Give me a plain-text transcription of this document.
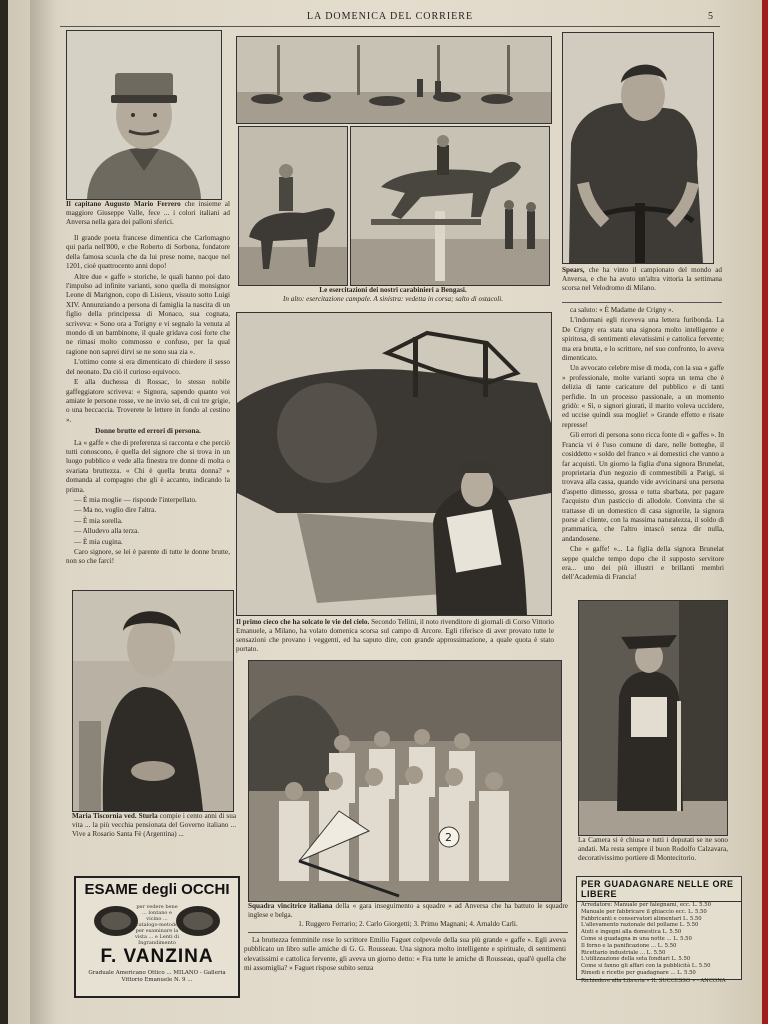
LA DOMENICA DEL CORRIERE	5
Il capitano Augusto Mario Ferrero che insieme al maggiore Giuseppe Valle, fece ... i colori italiani ad Anversa nella gara dei palloni sferici.

Il grande poeta francese dimentica che Carlomagno qui parla nell'800, e che Roberto di Sorbona, fondatore della famosa scuola che da lui prese nome, nacque nel 1201, cioè quattrocento anni dopo!

Altre due « gaffe » storiche, le quali hanno poi dato l'impulso ad infinite varianti, sono quella di monsignor Leone di Marignon, copo di Lisieux, vissuto sotto Luigi XIV. Annunziando a persona di famiglia la nascita di un figlio della principessa di Monaco, sua cognata, scriveva: « Sono ora a Torigny e vi segnalo la venuta al mondo di un bambinone, il quale gridava così forte che ne rimasi molto commosso e confuso, per la qual ragione non saprei dirvi se ne sono sua zia ».

L'ottimo conte si era dimenticato di chiedere il sesso del neonato. Da ciò il curioso equivoco.

E alla duchessa di Rossac, lo stesso nobile gaffeggiatore scriveva: « Signora, sapendo quanto voi amiate le persone rosse, ve ne invio sei, di cui tre grigie, o una beccaccia. Troverete le lettere in fondo al cestino ».

Donne brutte ed errori di persona.

La « gaffe » che di preferenza si racconta e che perciò tutti conoscono, è quella del signore che si trova in un luogo pubblico e vede alla finestra tre donne di molta o svariata bruttezza. « Chi è quella brutta donna? » domanda al compagno che gli è accanto, indicando la prima.

— È mia moglie — risponde l'interpellato.

— Ma no, voglio dire l'altra.

— È mia sorella.

— Alludevo alla terza.

— È mia cugina.

Caro signore, se lei è parente di tutte le donne brutte, non so che farci!

Le esercitazioni dei nostri carabinieri a Bengasi.
In alto: esercitazione campale. A sinistra: vedetta in corsa; salto di ostacoli.
Spears, che ha vinto il campionato del mondo ad Anversa, e che ha avuto un'altra vittoria la settimana scorsa nel Velodromo di Milano.

ca saluto: « È Madame de Crigny ».

L'indomani egli riceveva una lettera furibonda. La De Crigny era stata una signora molto intelligente e spiritosa, di sentimenti elevatissimi e cattolica fervente; ma era brutta, e lo scrittore, nel suo confronto, lo aveva dimenticato.

Un avvocato celebre mise di moda, con la sua « gaffe » professionale, molte varianti sopra un tema che è delizia di tante caricature del pubblico e di tanti perfidie. In un processo passionale, a un momento gridò: « Sì, o signori giurati, il marito voleva uccidere, ed uccise quindi sua moglie! » Grande effetto e risate represse!

Gli errori di persona sono ricca fonte di « gaffes ». In Francia vi è l'uso comune di dare, nelle botteghe, il cosiddetto « soldo del franco » ai domestici che vanno a far acquisti. Un giorno la figlia d'una signora Brunelat, proprietaria d'un negozio di commestibili a Parigi, si trovava alla cassa, quando vide avvicinarsi una persona d'aspetto dimesso, grossa e tutta sbarbata, per pagare l'acquisto d'un pasticcio di allodole. Convinta che si trattasse di un domestico di casa signorile, la signora porse al cliente, con la massima naturalezza, il soldo di prammatica, che l'altro intascò senza dir nulla, andandosene.

Che « gaffe! »... La figlia della signora Brunelat seppe qualche tempo dopo che il supposto servitore era... uno dei più illustri e brillanti membri dell'Academia di Francia!

Il primo cieco che ha solcato le vie del cielo. Secondo Tellini, il noto rivenditore di giornali di Corso Vittorio Emanuele, a Milano, ha volato domenica scorsa sul campo di Arcore. Egli riferisce di aver provato tutte le sensazioni che provano i veggenti, ed ha saputo dire, con grande approssimazione, a quale quota è stato portato.
Maria Tiscornia ved. Sturla compie i cento anni di sua vita ... la più vecchia pensionata del Governo italiano ... Vive a Rosario Santa Fè (Argentina) ...	2
Squadra vincitrice italiana della « gara inseguimento a squadre » ad Anversa che ha battuto le squadre inglese e belga.
1. Ruggero Ferrario; 2. Carlo Giorgetti; 3. Primo Magnani; 4. Arnaldo Carli.
La Camera si è chiusa e tutti i deputati se ne sono andati. Ma resta sempre il buon Rodolfo Calzavara, decorativissimo portiere di Montecitorio.

La bruttezza femminile rese lo scrittore Emilio Faguet colpevole della sua più grande « gaffe ». Egli aveva pubblicato un libro sulle amiche di G. G. Rousseau. Una signora molto intelligente e spirituale, di sentimenti elevatissimi e cattolica fervente, gli aveva un giorno detto: « Fra tutte le amiche di Rousseau, qual'è quella che mi assomiglia? » Faguet rispose subito senza

ESAME degli OCCHI
per vedere bene ... lontano e vicino ... catalogo-metodo per esaminare la vista ... e Lenti di Ingrandimento
F. VANZINA
Graduale Americano Ottico ... MILANO - Galleria Vittorio Emanuele N. 9 ...
PER GUADAGNARE NELLE ORE LIBERE
Arredatore: Manuale per falegnami, ecc. L. 5.50
Manuale per fabbricare il ghiaccio ecc. L. 5.50
Fabbricanti e conservatori alimentari L. 5.50
L'allevamento razionale del pollame L. 5.50
Aiuti e ingegni alla domestica L. 5.50
Come si guadagna in una notte ... L. 5.50
Il forno e la panificazione ... L. 5.50
Ricettario industriale ... L. 5.50
L'utilizzazione della seta fondiari L. 5.50
Come si fanno gli affari con la pubblicità L. 5.50
Rimedi e ricette per guadagnare ... L. 5.50
Richiedere alla Libreria « IL SUCCESSO » - ANCONA
